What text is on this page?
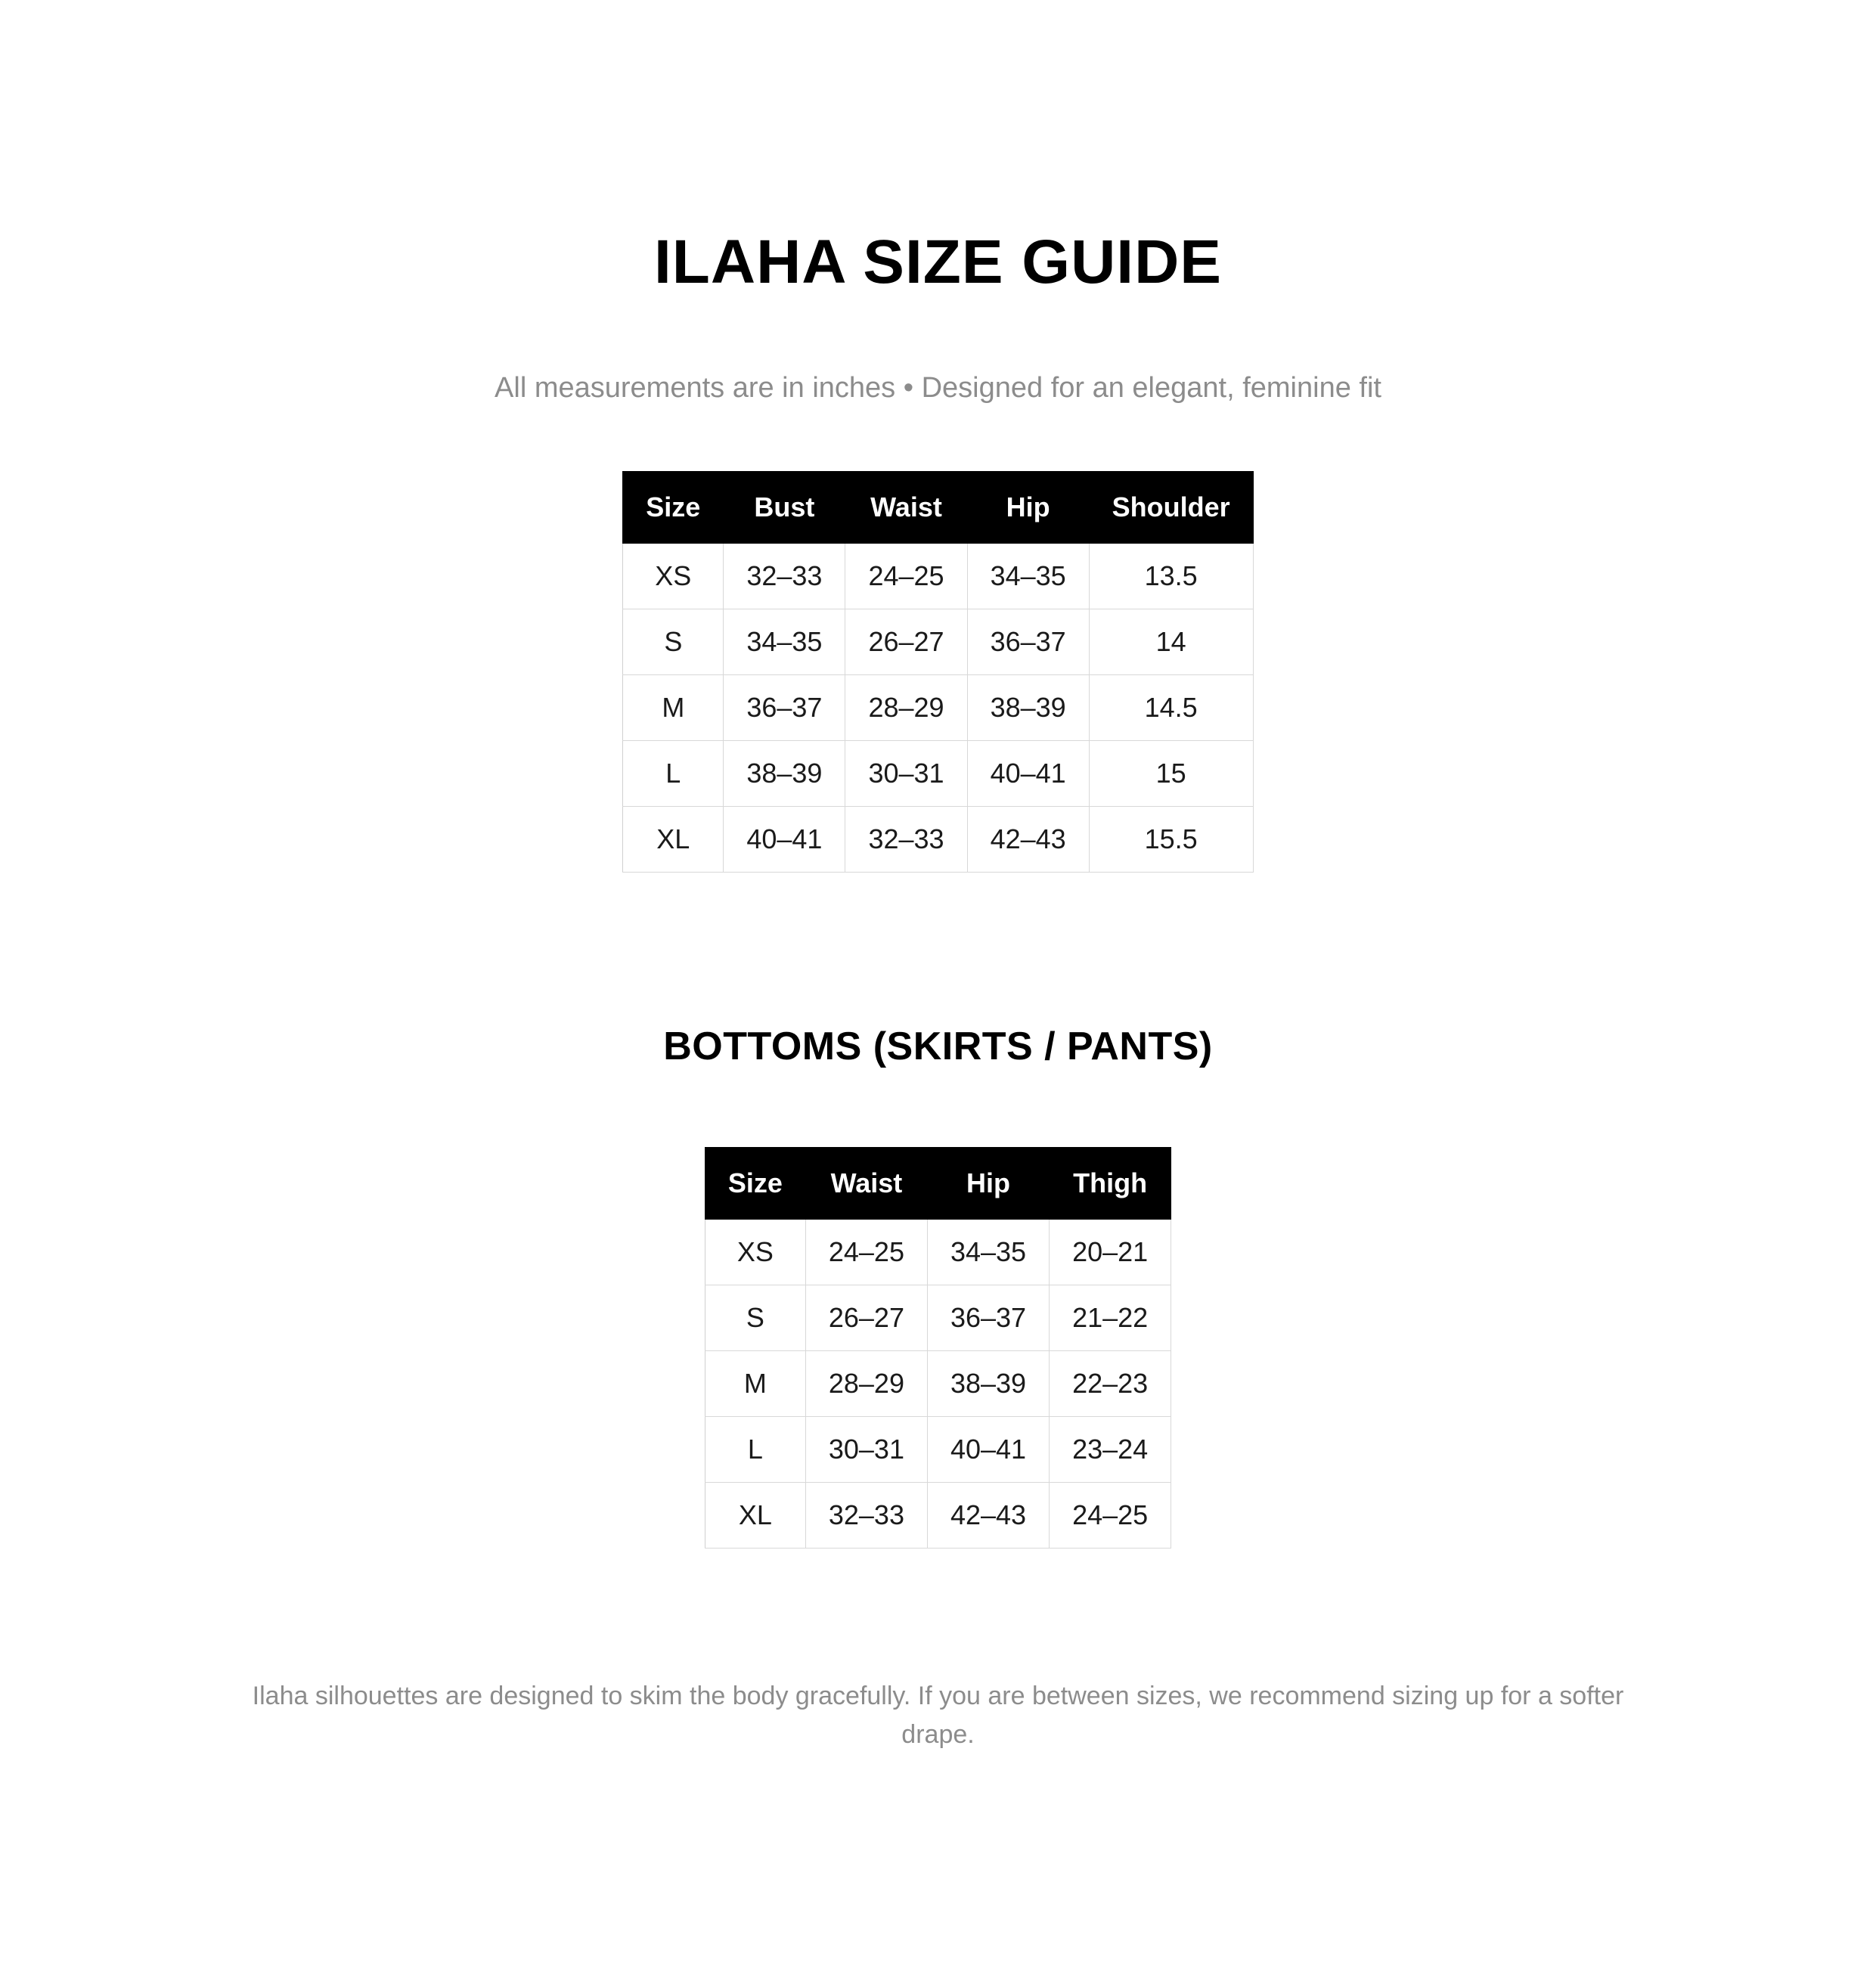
ILAHA SIZE GUIDE
All measurements are in inches • Designed for an elegant, feminine fit
Size	Bust	Waist	Hip	Shoulder
XS	32–33	24–25	34–35	13.5
S	34–35	26–27	36–37	14
M	36–37	28–29	38–39	14.5
L	38–39	30–31	40–41	15
XL	40–41	32–33	42–43	15.5
BOTTOMS (SKIRTS / PANTS)
Size	Waist	Hip	Thigh
XS	24–25	34–35	20–21
S	26–27	36–37	21–22
M	28–29	38–39	22–23
L	30–31	40–41	23–24
XL	32–33	42–43	24–25
Ilaha silhouettes are designed to skim the body gracefully. If you are between sizes, we recommend sizing up for a softer drape.
